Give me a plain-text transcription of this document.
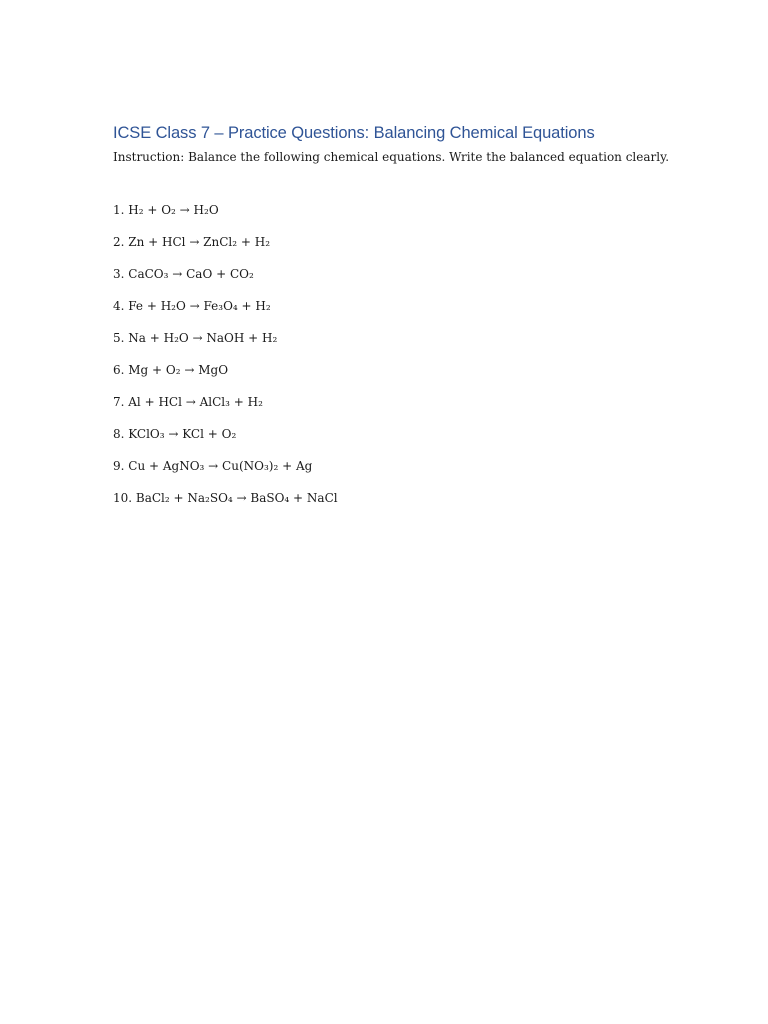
ICSE Class 7 – Practice Questions: Balancing Chemical Equations
Instruction: Balance the following chemical equations. Write the balanced equation clearly.
1. H₂ + O₂ → H₂O
2. Zn + HCl → ZnCl₂ + H₂
3. CaCO₃ → CaO + CO₂
4. Fe + H₂O → Fe₃O₄ + H₂
5. Na + H₂O → NaOH + H₂
6. Mg + O₂ → MgO
7. Al + HCl → AlCl₃ + H₂
8. KClO₃ → KCl + O₂
9. Cu + AgNO₃ → Cu(NO₃)₂ + Ag
10. BaCl₂ + Na₂SO₄ → BaSO₄ + NaCl
